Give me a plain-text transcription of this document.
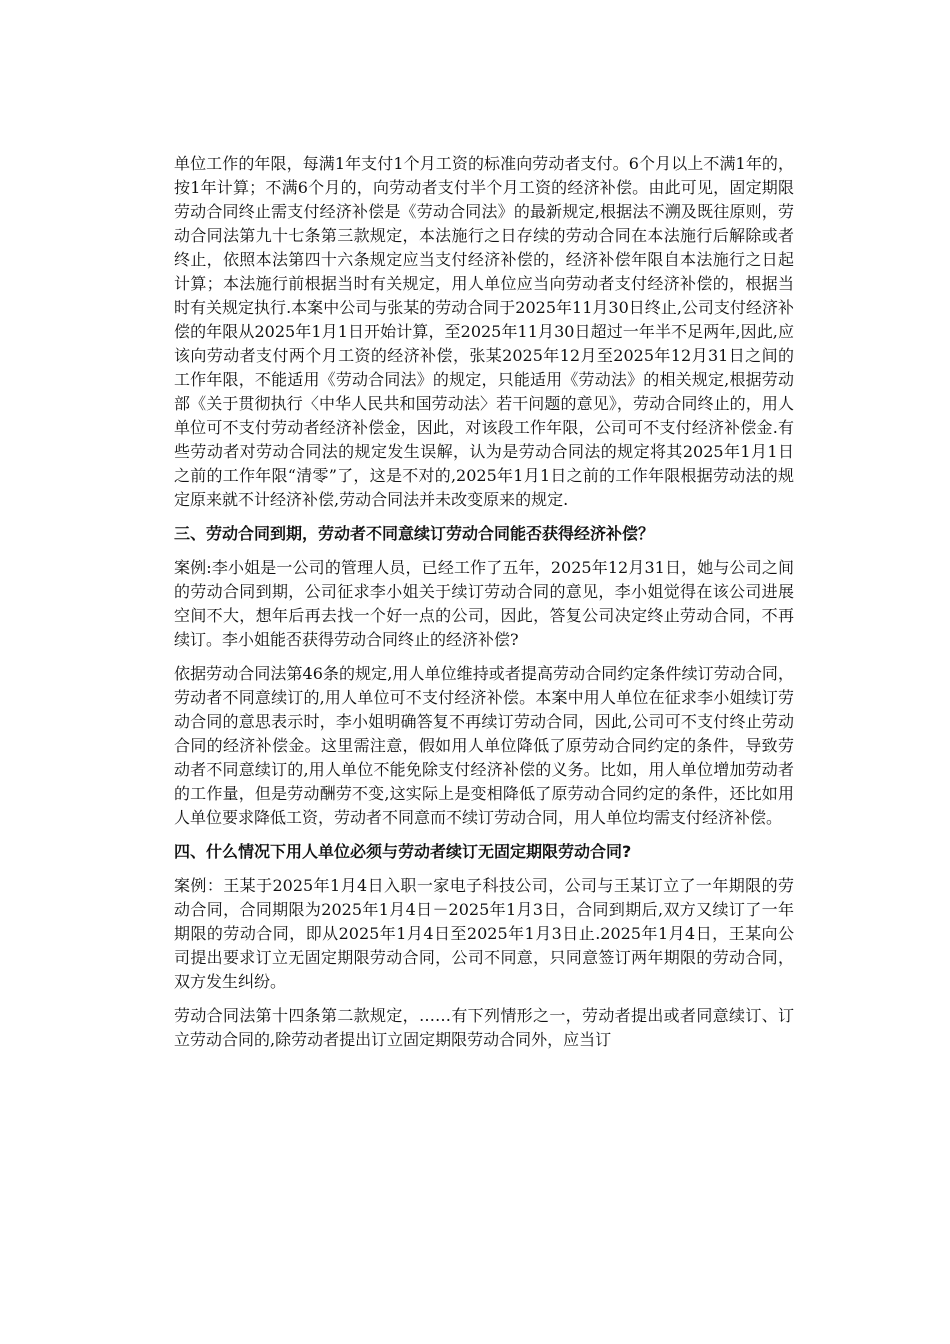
单位工作的年限，每满1年支付1个月工资的标准向劳动者支付。6个月以上不满1年的，按1年计算；不满6个月的，向劳动者支付半个月工资的经济补偿。由此可见，固定期限劳动合同终止需支付经济补偿是《劳动合同法》的最新规定,根据法不溯及既往原则，劳动合同法第九十七条第三款规定，本法施行之日存续的劳动合同在本法施行后解除或者终止，依照本法第四十六条规定应当支付经济补偿的，经济补偿年限自本法施行之日起计算；本法施行前根据当时有关规定，用人单位应当向劳动者支付经济补偿的，根据当时有关规定执行.本案中公司与张某的劳动合同于2025年11月30日终止,公司支付经济补偿的年限从2025年1月1日开始计算，至2025年11月30日超过一年半不足两年,因此,应该向劳动者支付两个月工资的经济补偿，张某2025年12月至2025年12月31日之间的工作年限，不能适用《劳动合同法》的规定，只能适用《劳动法》的相关规定,根据劳动部《关于贯彻执行〈中华人民共和国劳动法〉若干问题的意见》，劳动合同终止的，用人单位可不支付劳动者经济补偿金，因此，对该段工作年限，公司可不支付经济补偿金.有些劳动者对劳动合同法的规定发生误解，认为是劳动合同法的规定将其2025年1月1日之前的工作年限“清零”了，这是不对的,2025年1月1日之前的工作年限根据劳动法的规定原来就不计经济补偿,劳动合同法并未改变原来的规定.

三、劳动合同到期，劳动者不同意续订劳动合同能否获得经济补偿？

案例:李小姐是一公司的管理人员，已经工作了五年，2025年12月31日，她与公司之间的劳动合同到期，公司征求李小姐关于续订劳动合同的意见，李小姐觉得在该公司进展空间不大，想年后再去找一个好一点的公司，因此，答复公司决定终止劳动合同，不再续订。李小姐能否获得劳动合同终止的经济补偿?

依据劳动合同法第46条的规定,用人单位维持或者提高劳动合同约定条件续订劳动合同，劳动者不同意续订的,用人单位可不支付经济补偿。本案中用人单位在征求李小姐续订劳动合同的意思表示时，李小姐明确答复不再续订劳动合同，因此,公司可不支付终止劳动合同的经济补偿金。这里需注意，假如用人单位降低了原劳动合同约定的条件，导致劳动者不同意续订的,用人单位不能免除支付经济补偿的义务。比如，用人单位增加劳动者的工作量，但是劳动酬劳不变,这实际上是变相降低了原劳动合同约定的条件，还比如用人单位要求降低工资，劳动者不同意而不续订劳动合同，用人单位均需支付经济补偿。

四、什么情况下用人单位必须与劳动者续订无固定期限劳动合同?

案例：王某于2025年1月4日入职一家电子科技公司，公司与王某订立了一年期限的劳动合同，合同期限为2025年1月4日－2025年1月3日，合同到期后,双方又续订了一年期限的劳动合同，即从2025年1月4日至2025年1月3日止.2025年1月4日，王某向公司提出要求订立无固定期限劳动合同，公司不同意，只同意签订两年期限的劳动合同，双方发生纠纷。

劳动合同法第十四条第二款规定，……有下列情形之一，劳动者提出或者同意续订、订立劳动合同的,除劳动者提出订立固定期限劳动合同外，应当订
